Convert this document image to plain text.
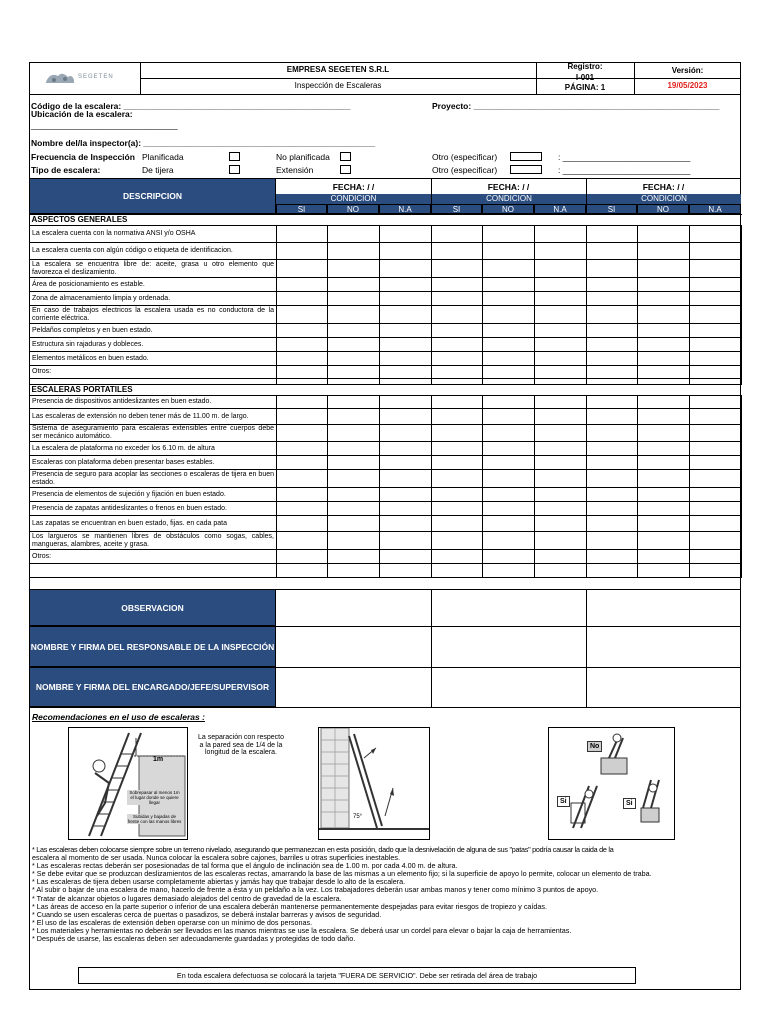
SEGETEN
EMPRESA SEGETEN S.R.L
Inspección de Escaleras
Registro:
I-001
PÁGINA: 1
Versión:
19/05/2023
Código de la escalera: ________________________________________________
Ubicación de la escalera:
_______________________________
Proyecto: ____________________________________________________
Nombre del/la inspector(a): _________________________________________________
Frecuencia de Inspección Planificada	No planificada	Otro (especificar)	: ___________________________
Tipo de escalera:	De tijera	Extensión	Otro (especificar)	: ___________________________
DESCRIPCION
FECHA: / /	FECHA: / /	FECHA: / /
CONDICION	CONDICION	CONDICION
SI	NO	N.A	SI	NO	N.A	SI	NO	N.A
ASPECTOS GENERALES									
La escalera cuenta con la normativa ANSI y/o OSHA									
La escalera cuenta con algún código o etiqueta de identificacion.									
La escalera se encuentra libre de: aceite, grasa u otro elemento que favorezca el deslizamiento.									
Área de posicionamiento es estable.									
Zona de almacenamiento limpia y ordenada.									
En caso de trabajos electricos la escalera usada es no conductora de la corriente eléctrica.									
Peldaños completos y en buen estado.									
Estructura sin rajaduras y dobleces.									
Elementos metálicos en buen estado.									
Otros:									

ESCALERAS PORTATILES									
Presencia de dispositivos antideslizantes en buen estado.									
Las escaleras de extensión no deben tener más de 11.00 m. de largo.									
Sistema de aseguramiento para escaleras extensibles entre cuerpos debe ser mecánico automático.									
La escalera de plataforma no exceder los 6.10 m. de altura									
Escaleras con plataforma deben presentar bases estables.									
Presencia de seguro para acoplar las secciones o escaleras de tijera en buen estado.									
Presencia de elementos de sujeción y fijación en buen estado.									
Presencia de zapatas antideslizantes o frenos en buen estado.									
Las zapatas se encuentran en buen estado, fijas. en cada pata									
Los largueros se mantienen libres de obstáculos como sogas, cables, mangueras, alambres, aceite y grasa.									
Otros:									

OBSERVACION
NOMBRE Y FIRMA DEL RESPONSABLE DE LA INSPECCIÓN
NOMBRE Y FIRMA DEL ENCARGADO/JEFE/SUPERVISOR
Recomendaciones en el uso de escaleras :
1m
Sobrepasar al menos 1m el lugar donde se quiere llegar
Subidas y bajadas de frente con las manos libres
La separación con respecto a la pared sea de 1/4 de la longitud de la escalera.
75°
No
Si	Si
* Las escaleras deben colocarse siempre sobre un terreno nivelado, asegurando que permanezcan en esta posición, dado que la desnivelación de alguna de sus "patas" podría causar la caida de la
escalera al momento de ser usada. Nunca colocar la escalera sobre cajones, barriles u otras superficies inestables.
* Las escaleras rectas deberán ser posesionadas de tal forma que el ángulo de inclinación sea de 1.00 m. por cada 4.00 m. de altura.
* Se debe evitar que se produzcan deslizamientos de las escaleras rectas, amarrando la base de las mismas a un elemento fijo; si la superficie de apoyo lo permite, colocar un elemento de traba.
* Las escaleras de tijera deben usarse completamente abiertas y jamás hay que trabajar desde lo alto de la escalera.
* Al subir o bajar de una escalera de mano, hacerlo de frente a ésta y un peldaño a la vez. Los trabajadores deberán usar ambas manos y tener como mínimo 3 puntos de apoyo.
* Tratar de alcanzar objetos o lugares demasiado alejados del centro de gravedad de la escalera.
* Las áreas de acceso en la parte superior o inferior de una escalera deberán mantenerse permanentemente despejadas para evitar riesgos de tropiezo y caídas.
* Cuando se usen escaleras cerca de puertas o pasadizos, se deberá instalar barreras y avisos de seguridad.
* El uso de las escaleras de extensión deben operarse con un mínimo de dos personas.
* Los materiales y herramientas no deberán ser llevados en las manos mientras se use la escalera. Se deberá usar un cordel para elevar o bajar la caja de herramientas.
* Después de usarse, las escaleras deben ser adecuadamente guardadas y protegidas de todo daño.
En toda escalera defectuosa se colocará la tarjeta "FUERA DE SERVICIO". Debe ser retirada del área de trabajo
